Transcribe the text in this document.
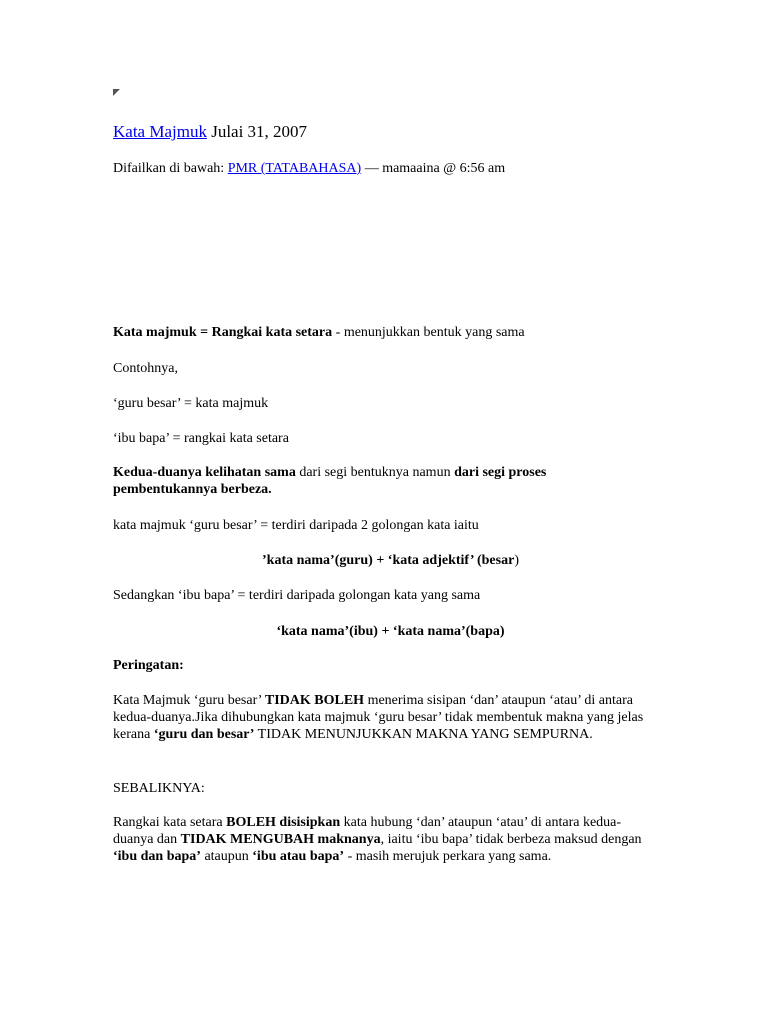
Kata Majmuk Julai 31, 2007

Difailkan di bawah: PMR (TATABAHASA) — mamaaina @ 6:56 am

Kata majmuk = Rangkai kata setara - menunjukkan bentuk yang sama

Contohnya,

‘guru besar’ = kata majmuk

‘ibu bapa’ = rangkai kata setara

Kedua-duanya kelihatan sama dari segi bentuknya namun dari segi proses pembentukannya berbeza.

kata majmuk ‘guru besar’ = terdiri daripada 2 golongan kata iaitu

’kata nama’(guru) + ‘kata adjektif’ (besar)

Sedangkan ‘ibu bapa’ = terdiri daripada golongan kata yang sama

‘kata nama’(ibu) + ‘kata nama’(bapa)

Peringatan:

Kata Majmuk ‘guru besar’ TIDAK BOLEH menerima sisipan ‘dan’ ataupun ‘atau’ di antara kedua-duanya.Jika dihubungkan kata majmuk ‘guru besar’ tidak membentuk makna yang jelas kerana ‘guru dan besar’ TIDAK MENUNJUKKAN MAKNA YANG SEMPURNA.

SEBALIKNYA:

Rangkai kata setara BOLEH disisipkan kata hubung ‘dan’ ataupun ‘atau’ di antara kedua-duanya dan TIDAK MENGUBAH maknanya, iaitu ‘ibu bapa’ tidak berbeza maksud dengan ‘ibu dan bapa’ ataupun ‘ibu atau bapa’ - masih merujuk perkara yang sama.
